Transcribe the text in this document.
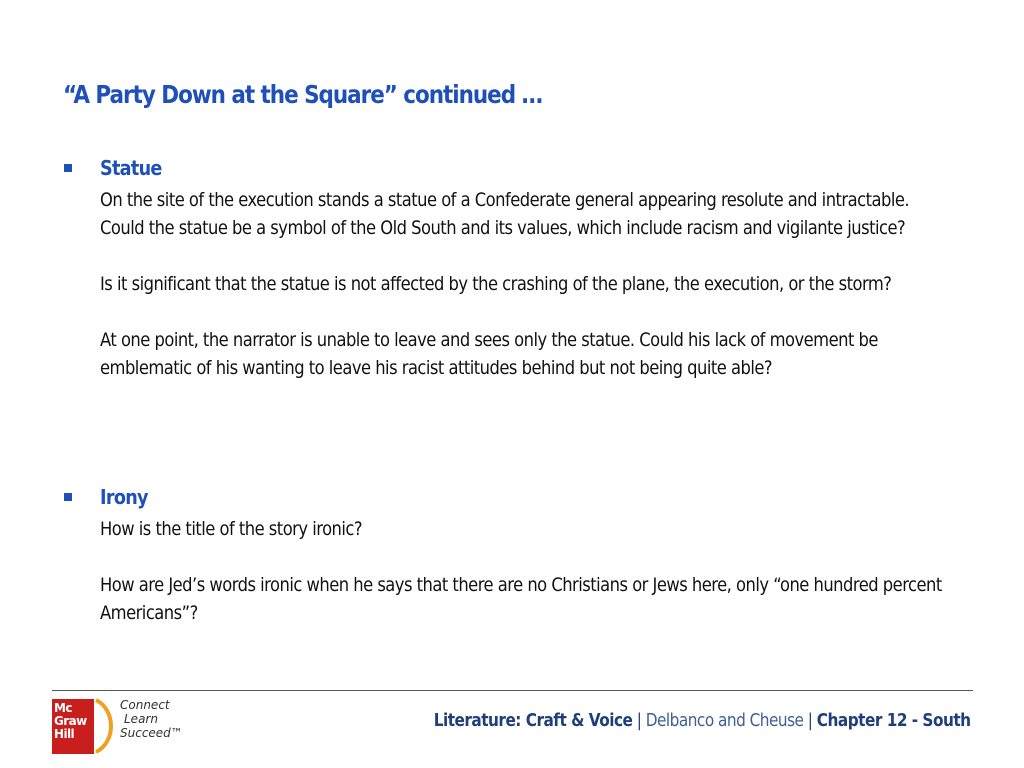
“A Party Down at the Square” continued …
Statue

On the site of the execution stands a statue of a Confederate general appearing resolute and intractable. Could the statue be a symbol of the Old South and its values, which include racism and vigilante justice?

Is it significant that the statue is not affected by the crashing of the plane, the execution, or the storm?

At one point, the narrator is unable to leave and sees only the statue. Could his lack of movement be emblematic of his wanting to leave his racist attitudes behind but not being quite able?

Irony

How is the title of the story ironic?

How are Jed’s words ironic when he says that there are no Christians or Jews here, only “one hundred percent Americans”?

Mc
Graw
Hill
Connect
Learn
Succeed™
Literature: Craft & Voice | Delbanco and Cheuse | Chapter 12 - South
